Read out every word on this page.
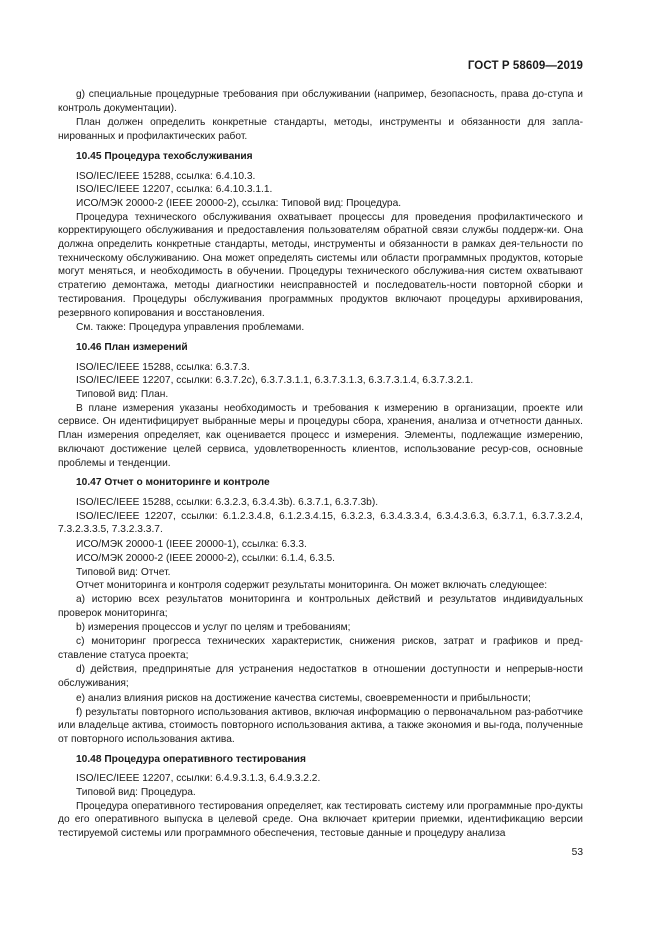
ГОСТ Р 58609—2019
g) специальные процедурные требования при обслуживании (например, безопасность, права до-ступа и контроль документации).
План должен определить конкретные стандарты, методы, инструменты и обязанности для запла-нированных и профилактических работ.
10.45 Процедура техобслуживания
ISO/IEC/IEEE 15288, ссылка: 6.4.10.3.
ISO/IEC/IEEE 12207, ссылка: 6.4.10.3.1.1.
ИСО/МЭК 20000-2 (IEEE 20000-2), ссылка: Типовой вид: Процедура.
Процедура технического обслуживания охватывает процессы для проведения профилактического и корректирующего обслуживания и предоставления пользователям обратной связи службы поддерж-ки. Она должна определить конкретные стандарты, методы, инструменты и обязанности в рамках дея-тельности по техническому обслуживанию. Она может определять системы или области программных продуктов, которые могут меняться, и необходимость в обучении. Процедуры технического обслужива-ния систем охватывают стратегию демонтажа, методы диагностики неисправностей и последователь-ности повторной сборки и тестирования. Процедуры обслуживания программных продуктов включают процедуры архивирования, резервного копирования и восстановления.
См. также: Процедура управления проблемами.
10.46 План измерений
ISO/IEC/IEEE 15288, ссылка: 6.3.7.3.
ISO/IEC/IEEE 12207, ссылки: 6.3.7.2c), 6.3.7.3.1.1, 6.3.7.3.1.3, 6.3.7.3.1.4, 6.3.7.3.2.1.
Типовой вид: План.
В плане измерения указаны необходимость и требования к измерению в организации, проекте или сервисе. Он идентифицирует выбранные меры и процедуры сбора, хранения, анализа и отчетности данных. План измерения определяет, как оценивается процесс и измерения. Элементы, подлежащие измерению, включают достижение целей сервиса, удовлетворенность клиентов, использование ресур-сов, основные проблемы и тенденции.
10.47 Отчет о мониторинге и контроле
ISO/IEC/IEEE 15288, ссылки: 6.3.2.3, 6.3.4.3b). 6.3.7.1, 6.3.7.3b).
ISO/IEC/IEEE 12207, ссылки: 6.1.2.3.4.8, 6.1.2.3.4.15, 6.3.2.3, 6.3.4.3.3.4, 6.3.4.3.6.3, 6.3.7.1, 6.3.7.3.2.4, 7.3.2.3.3.5, 7.3.2.3.3.7.
ИСО/МЭК 20000-1 (IEEE 20000-1), ссылка: 6.3.3.
ИСО/МЭК 20000-2 (IEEE 20000-2), ссылки: 6.1.4, 6.3.5.
Типовой вид: Отчет.
Отчет мониторинга и контроля содержит результаты мониторинга. Он может включать следующее:
a) историю всех результатов мониторинга и контрольных действий и результатов индивидуальных проверок мониторинга;
b) измерения процессов и услуг по целям и требованиям;
c) мониторинг прогресса технических характеристик, снижения рисков, затрат и графиков и пред-ставление статуса проекта;
d) действия, предпринятые для устранения недостатков в отношении доступности и непрерыв-ности обслуживания;
e) анализ влияния рисков на достижение качества системы, своевременности и прибыльности;
f) результаты повторного использования активов, включая информацию о первоначальном раз-работчике или владельце актива, стоимость повторного использования актива, а также экономия и вы-года, полученные от повторного использования актива.
10.48 Процедура оперативного тестирования
ISO/IEC/IEEE 12207, ссылки: 6.4.9.3.1.3, 6.4.9.3.2.2.
Типовой вид: Процедура.
Процедура оперативного тестирования определяет, как тестировать систему или программные про-дукты до его оперативного выпуска в целевой среде. Она включает критерии приемки, идентификацию версии тестируемой системы или программного обеспечения, тестовые данные и процедуру анализа
53
